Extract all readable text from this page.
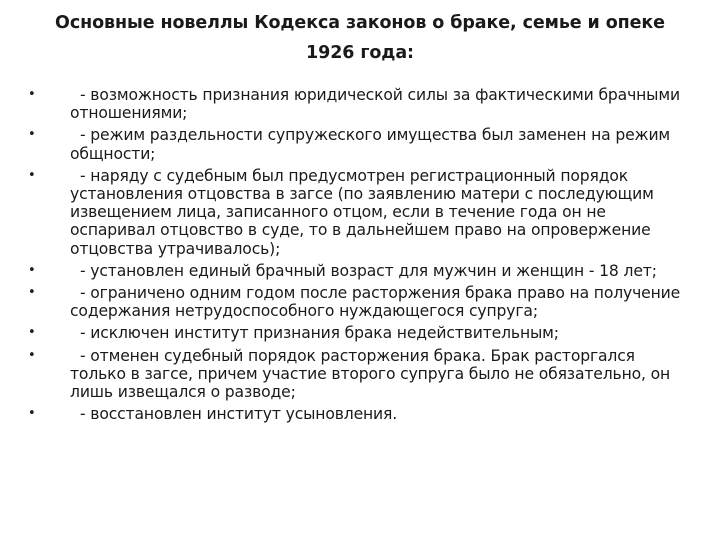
Основные новеллы Кодекса законов о браке, семье и опеке
1926 года:
•	- возможность признания юридической силы за фактическими брачными отношениями;
•	- режим раздельности супружеского имущества был заменен на режим общности;
•	- наряду с судебным был предусмотрен регистрационный порядок установления отцовства в загсе (по заявлению матери с последующим извещением лица, записанного отцом, если в течение года он не оспаривал отцовство в суде, то в дальнейшем право на опровержение отцовства утрачивалось);
•	- установлен единый брачный возраст для мужчин и женщин - 18 лет;
•	- ограничено одним годом после расторжения брака право на получение содержания нетрудоспособного нуждающегося супруга;
•	- исключен институт признания брака недействительным;
•	- отменен судебный порядок расторжения брака. Брак расторгался только в загсе, причем участие второго супруга было не обязательно, он лишь извещался о разводе;
•	- восстановлен институт усыновления.
